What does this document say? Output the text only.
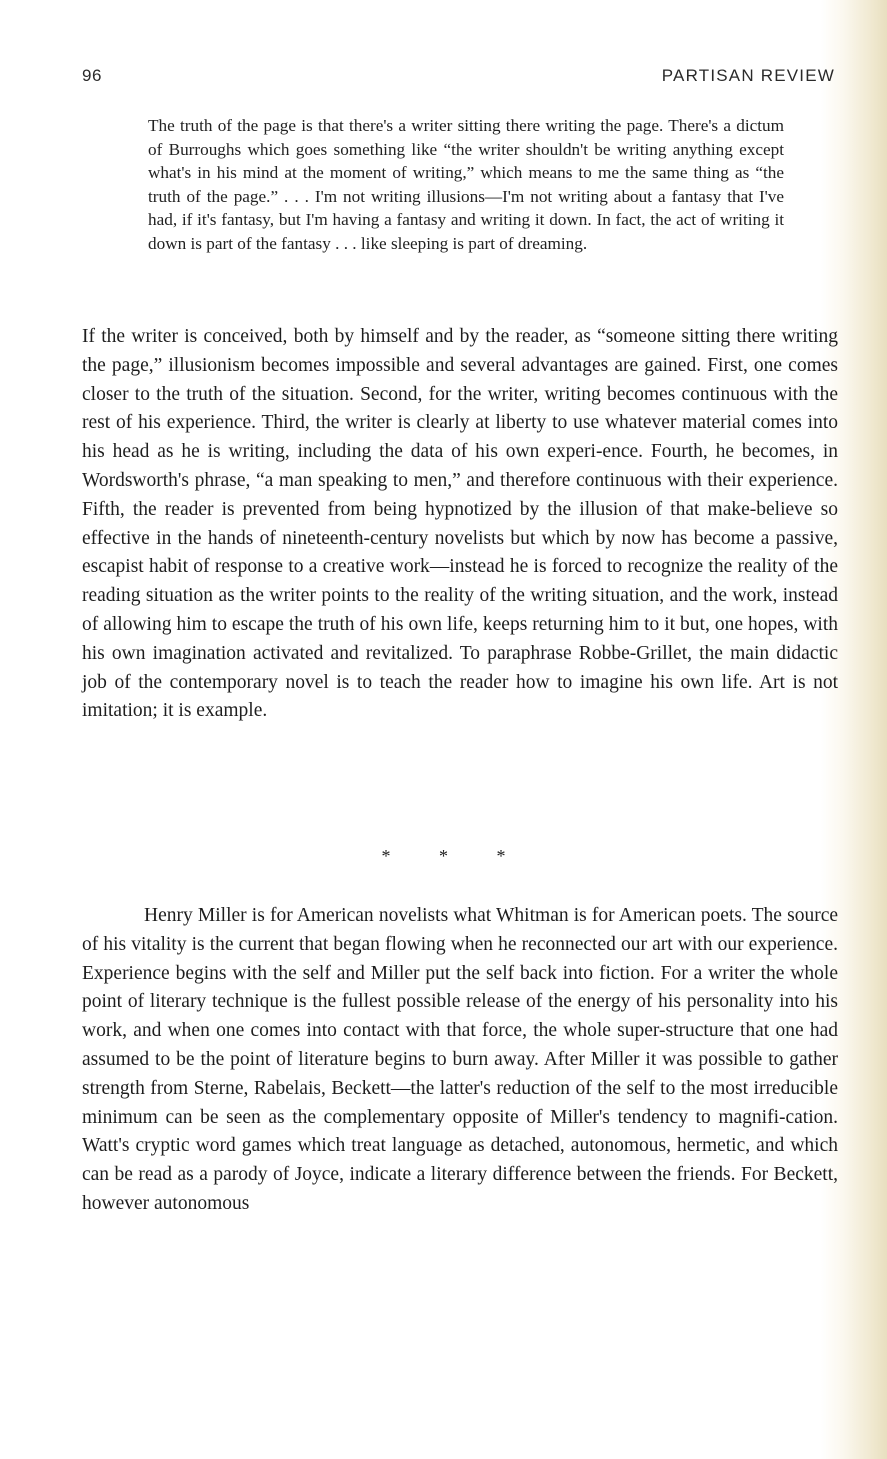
96	PARTISAN REVIEW

The truth of the page is that there's a writer sitting there writing the page. There's a dictum of Burroughs which goes something like “the writer shouldn't be writing anything except what's in his mind at the moment of writing,” which means to me the same thing as “the truth of the page.” . . . I'm not writing illusions—I'm not writing about a fantasy that I've had, if it's fantasy, but I'm having a fantasy and writing it down. In fact, the act of writing it down is part of the fantasy . . . like sleeping is part of dreaming.

If the writer is conceived, both by himself and by the reader, as “someone sitting there writing the page,” illusionism becomes impossible and several advantages are gained. First, one comes closer to the truth of the situation. Second, for the writer, writing becomes continuous with the rest of his experience. Third, the writer is clearly at liberty to use whatever material comes into his head as he is writing, including the data of his own experi-ence. Fourth, he becomes, in Wordsworth's phrase, “a man speaking to men,” and therefore continuous with their experience. Fifth, the reader is prevented from being hypnotized by the illusion of that make-believe so effective in the hands of nineteenth-century novelists but which by now has become a passive, escapist habit of response to a creative work—instead he is forced to recognize the reality of the reading situation as the writer points to the reality of the writing situation, and the work, instead of allowing him to escape the truth of his own life, keeps returning him to it but, one hopes, with his own imagination activated and revitalized. To paraphrase Robbe-Grillet, the main didactic job of the contemporary novel is to teach the reader how to imagine his own life. Art is not imitation; it is example.

*	*	*

Henry Miller is for American novelists what Whitman is for American poets. The source of his vitality is the current that began flowing when he reconnected our art with our experience. Experience begins with the self and Miller put the self back into fiction. For a writer the whole point of literary technique is the fullest possible release of the energy of his personality into his work, and when one comes into contact with that force, the whole super-structure that one had assumed to be the point of literature begins to burn away. After Miller it was possible to gather strength from Sterne, Rabelais, Beckett—the latter's reduction of the self to the most irreducible minimum can be seen as the complementary opposite of Miller's tendency to magnifi-cation. Watt's cryptic word games which treat language as detached, autonomous, hermetic, and which can be read as a parody of Joyce, indicate a literary difference between the friends. For Beckett, however autonomous
